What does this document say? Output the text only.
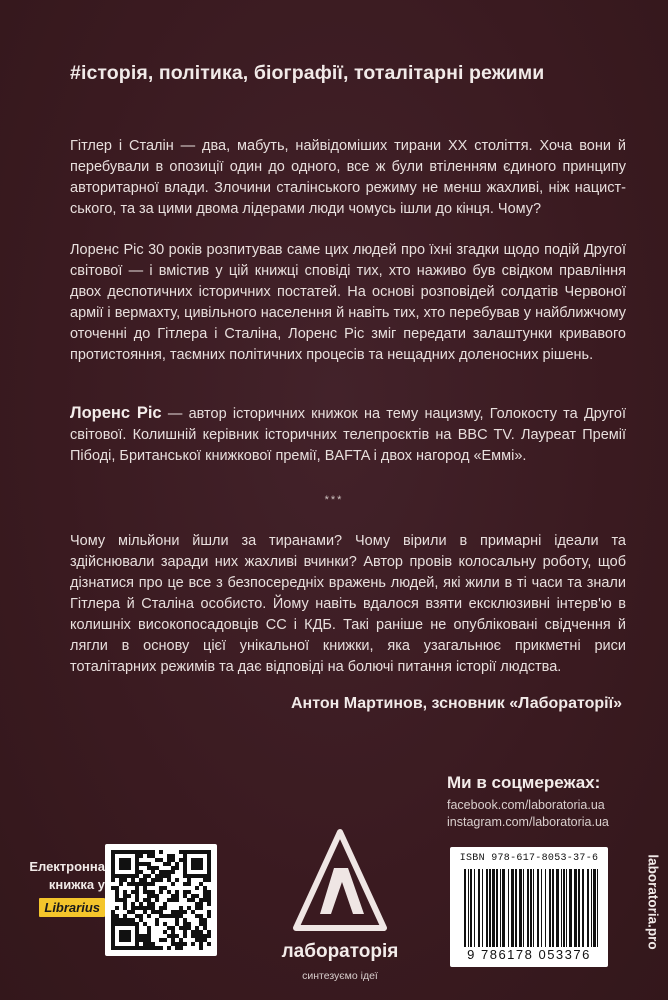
#історія, політика, біографії, тоталітарні режими

Гітлер і Сталін — два, мабуть, найвідоміших тирани XX століття. Хоча вони й перебували в опозиції один до одного, все ж були втіленням єдиного принципу авторитарної влади. Злочини сталінського режиму не менш жахливі, ніж нацистського, та за цими двома лідерами люди чомусь ішли до кінця. Чому?

Лоренс Ріс 30 років розпитував саме цих людей про їхні згадки щодо подій Другої світової — і вмістив у цій книжці сповіді тих, хто наживо був свідком правління двох деспотичних історичних постатей. На основі розповідей солдатів Червоної армії і вермахту, цивільного населення й навіть тих, хто перебував у найближчому оточенні до Гітлера і Сталіна, Лоренс Ріс зміг передати залаштунки кривавого протистояння, таємних політичних процесів та нещадних доленосних рішень.

Лоренс Ріс — автор історичних книжок на тему нацизму, Голокосту та Другої світової. Колишній керівник історичних телепроєктів на BBC TV. Лауреат Премії Пібоді, Британської книжкової премії, BAFTA і двох нагород «Еммі».

***

Чому мільйони йшли за тиранами? Чому вірили в примарні ідеали та здійснювали заради них жахливі вчинки? Автор провів колосальну роботу, щоб дізнатися про це все з безпосередніх вражень людей, які жили в ті часи та знали Гітлера й Сталіна особисто. Йому навіть вдалося взяти ексклюзивні інтерв'ю в колишніх високопосадовців СС і КДБ. Такі раніше не опубліковані свідчення й лягли в основу цієї унікальної книжки, яка узагальнює прикметні риси тоталітарних режимів та дає відповіді на болючі питання історії людства.

Антон Мартинов, зсновник «Лабораторії»
Ми в соцмережах:
facebook.com/laboratoria.ua
instagram.com/laboratoria.ua
ISBN 978-617-8053-37-6
9 786178 053376
laboratoria.pro
лабораторія
синтезуємо ідеї
Електронна
книжка у
Librarius
